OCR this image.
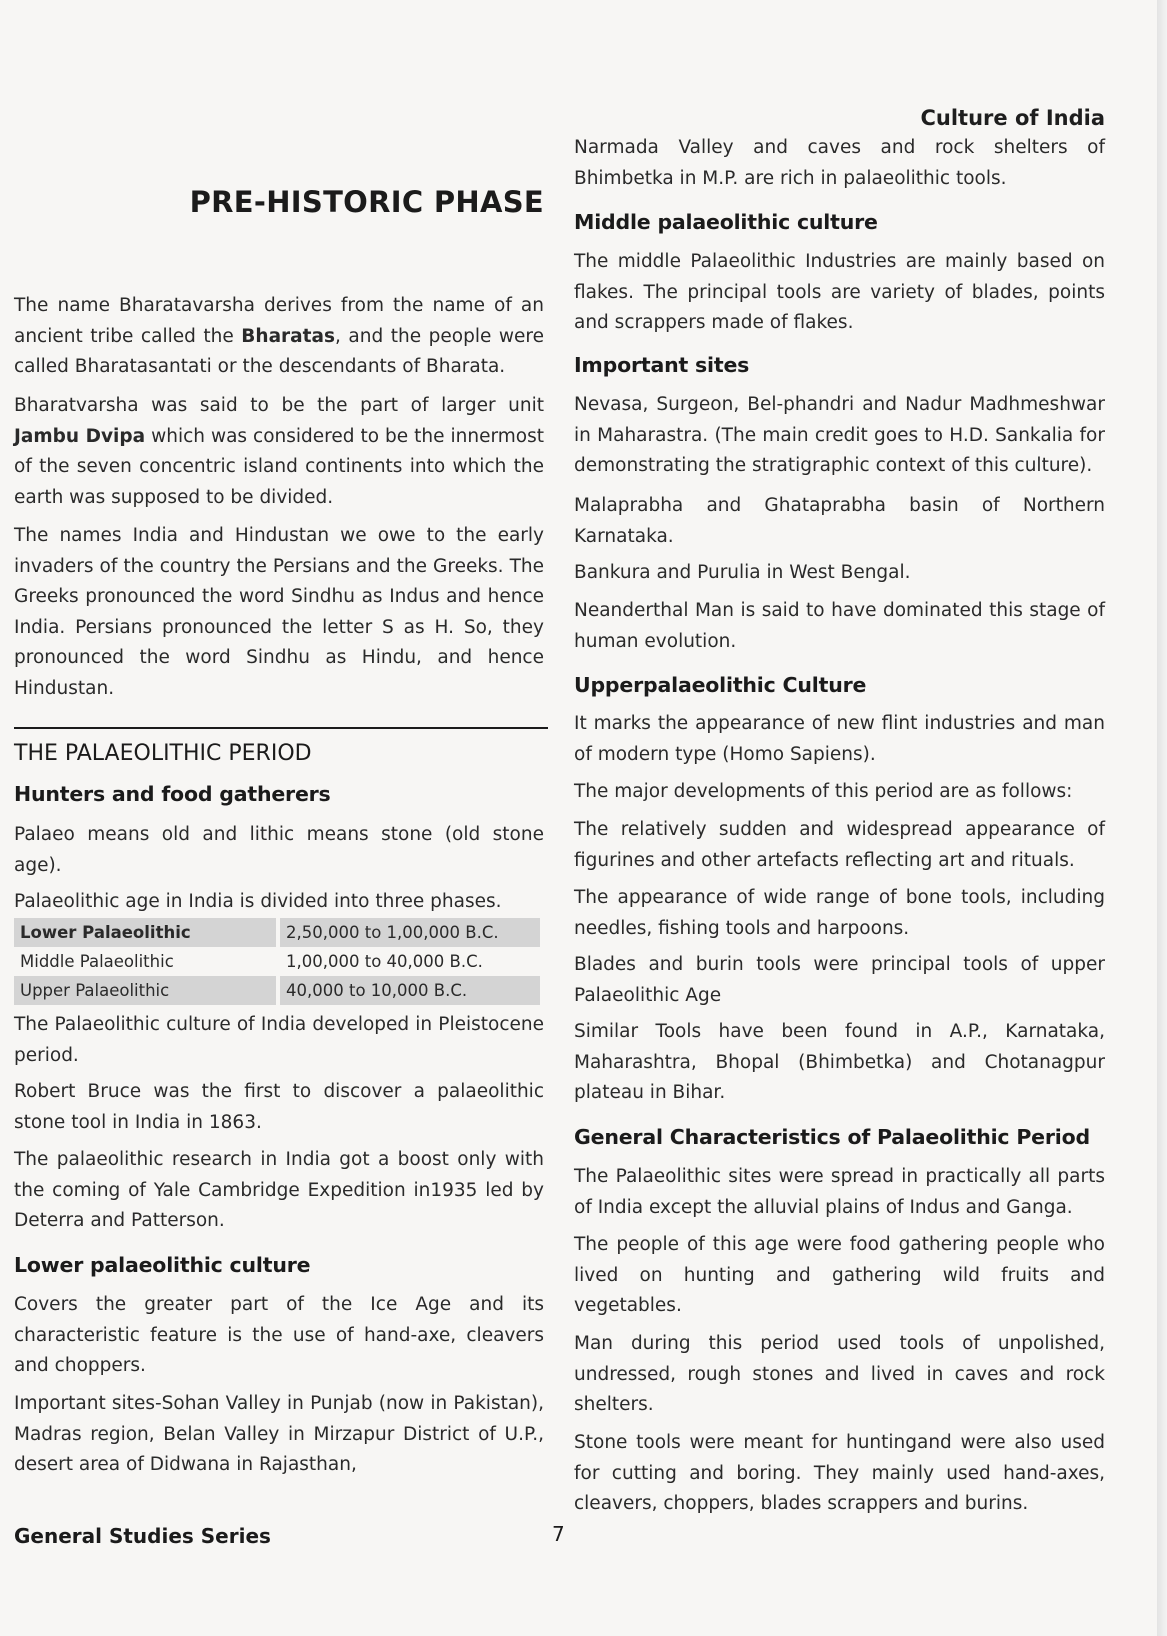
Culture of India
PRE-HISTORIC PHASE

The name Bharatavarsha derives from the name of an ancient tribe called the Bharatas, and the people were called Bharatasantati or the descendants of Bharata.

Bharatvarsha was said to be the part of larger unit Jambu Dvipa which was considered to be the innermost of the seven concentric island continents into which the earth was supposed to be divided.

The names India and Hindustan we owe to the early invaders of the country the Persians and the Greeks. The Greeks pronounced the word Sindhu as Indus and hence India. Persians pronounced the letter S as H. So, they pronounced the word Sindhu as Hindu, and hence Hindustan.

THE PALAEOLITHIC PERIOD
Hunters and food gatherers

Palaeo means old and lithic means stone (old stone age).

Palaeolithic age in India is divided into three phases.

Lower Palaeolithic	2,50,000 to 1,00,000 B.C.
Middle Palaeolithic	1,00,000 to 40,000 B.C.
Upper Palaeolithic	40,000 to 10,000 B.C.

The Palaeolithic culture of India developed in Pleistocene period.

Robert Bruce was the first to discover a palaeolithic stone tool in India in 1863.

The palaeolithic research in India got a boost only with the coming of Yale Cambridge Expedition in1935 led by Deterra and Patterson.

Lower palaeolithic culture

Covers the greater part of the Ice Age and its characteristic feature is the use of hand-axe, cleavers and choppers.

Important sites-Sohan Valley in Punjab (now in Pakistan), Madras region, Belan Valley in Mirzapur District of U.P., desert area of Didwana in Rajasthan,

Narmada Valley and caves and rock shelters of Bhimbetka in M.P. are rich in palaeolithic tools.

Middle palaeolithic culture

The middle Palaeolithic Industries are mainly based on flakes. The principal tools are variety of blades, points and scrappers made of flakes.

Important sites

Nevasa, Surgeon, Bel-phandri and Nadur Madhmeshwar in Maharastra. (The main credit goes to H.D. Sankalia for demonstrating the stratigraphic context of this culture).

Malaprabha and Ghataprabha basin of Northern Karnataka.

Bankura and Purulia in West Bengal.

Neanderthal Man is said to have dominated this stage of human evolution.

Upperpalaeolithic Culture

It marks the appearance of new flint industries and man of modern type (Homo Sapiens).

The major developments of this period are as follows:

The relatively sudden and widespread appearance of figurines and other artefacts reflecting art and rituals.

The appearance of wide range of bone tools, including needles, fishing tools and harpoons.

Blades and burin tools were principal tools of upper Palaeolithic Age

Similar Tools have been found in A.P., Karnataka, Maharashtra, Bhopal (Bhimbetka) and Chotanagpur plateau in Bihar.

General Characteristics of Palaeolithic Period

The Palaeolithic sites were spread in practically all parts of India except the alluvial plains of Indus and Ganga.

The people of this age were food gathering people who lived on hunting and gathering wild fruits and vegetables.

Man during this period used tools of unpolished, undressed, rough stones and lived in caves and rock shelters.

Stone tools were meant for huntingand were also used for cutting and boring. They mainly used hand-axes, cleavers, choppers, blades scrappers and burins.

General Studies Series	7
